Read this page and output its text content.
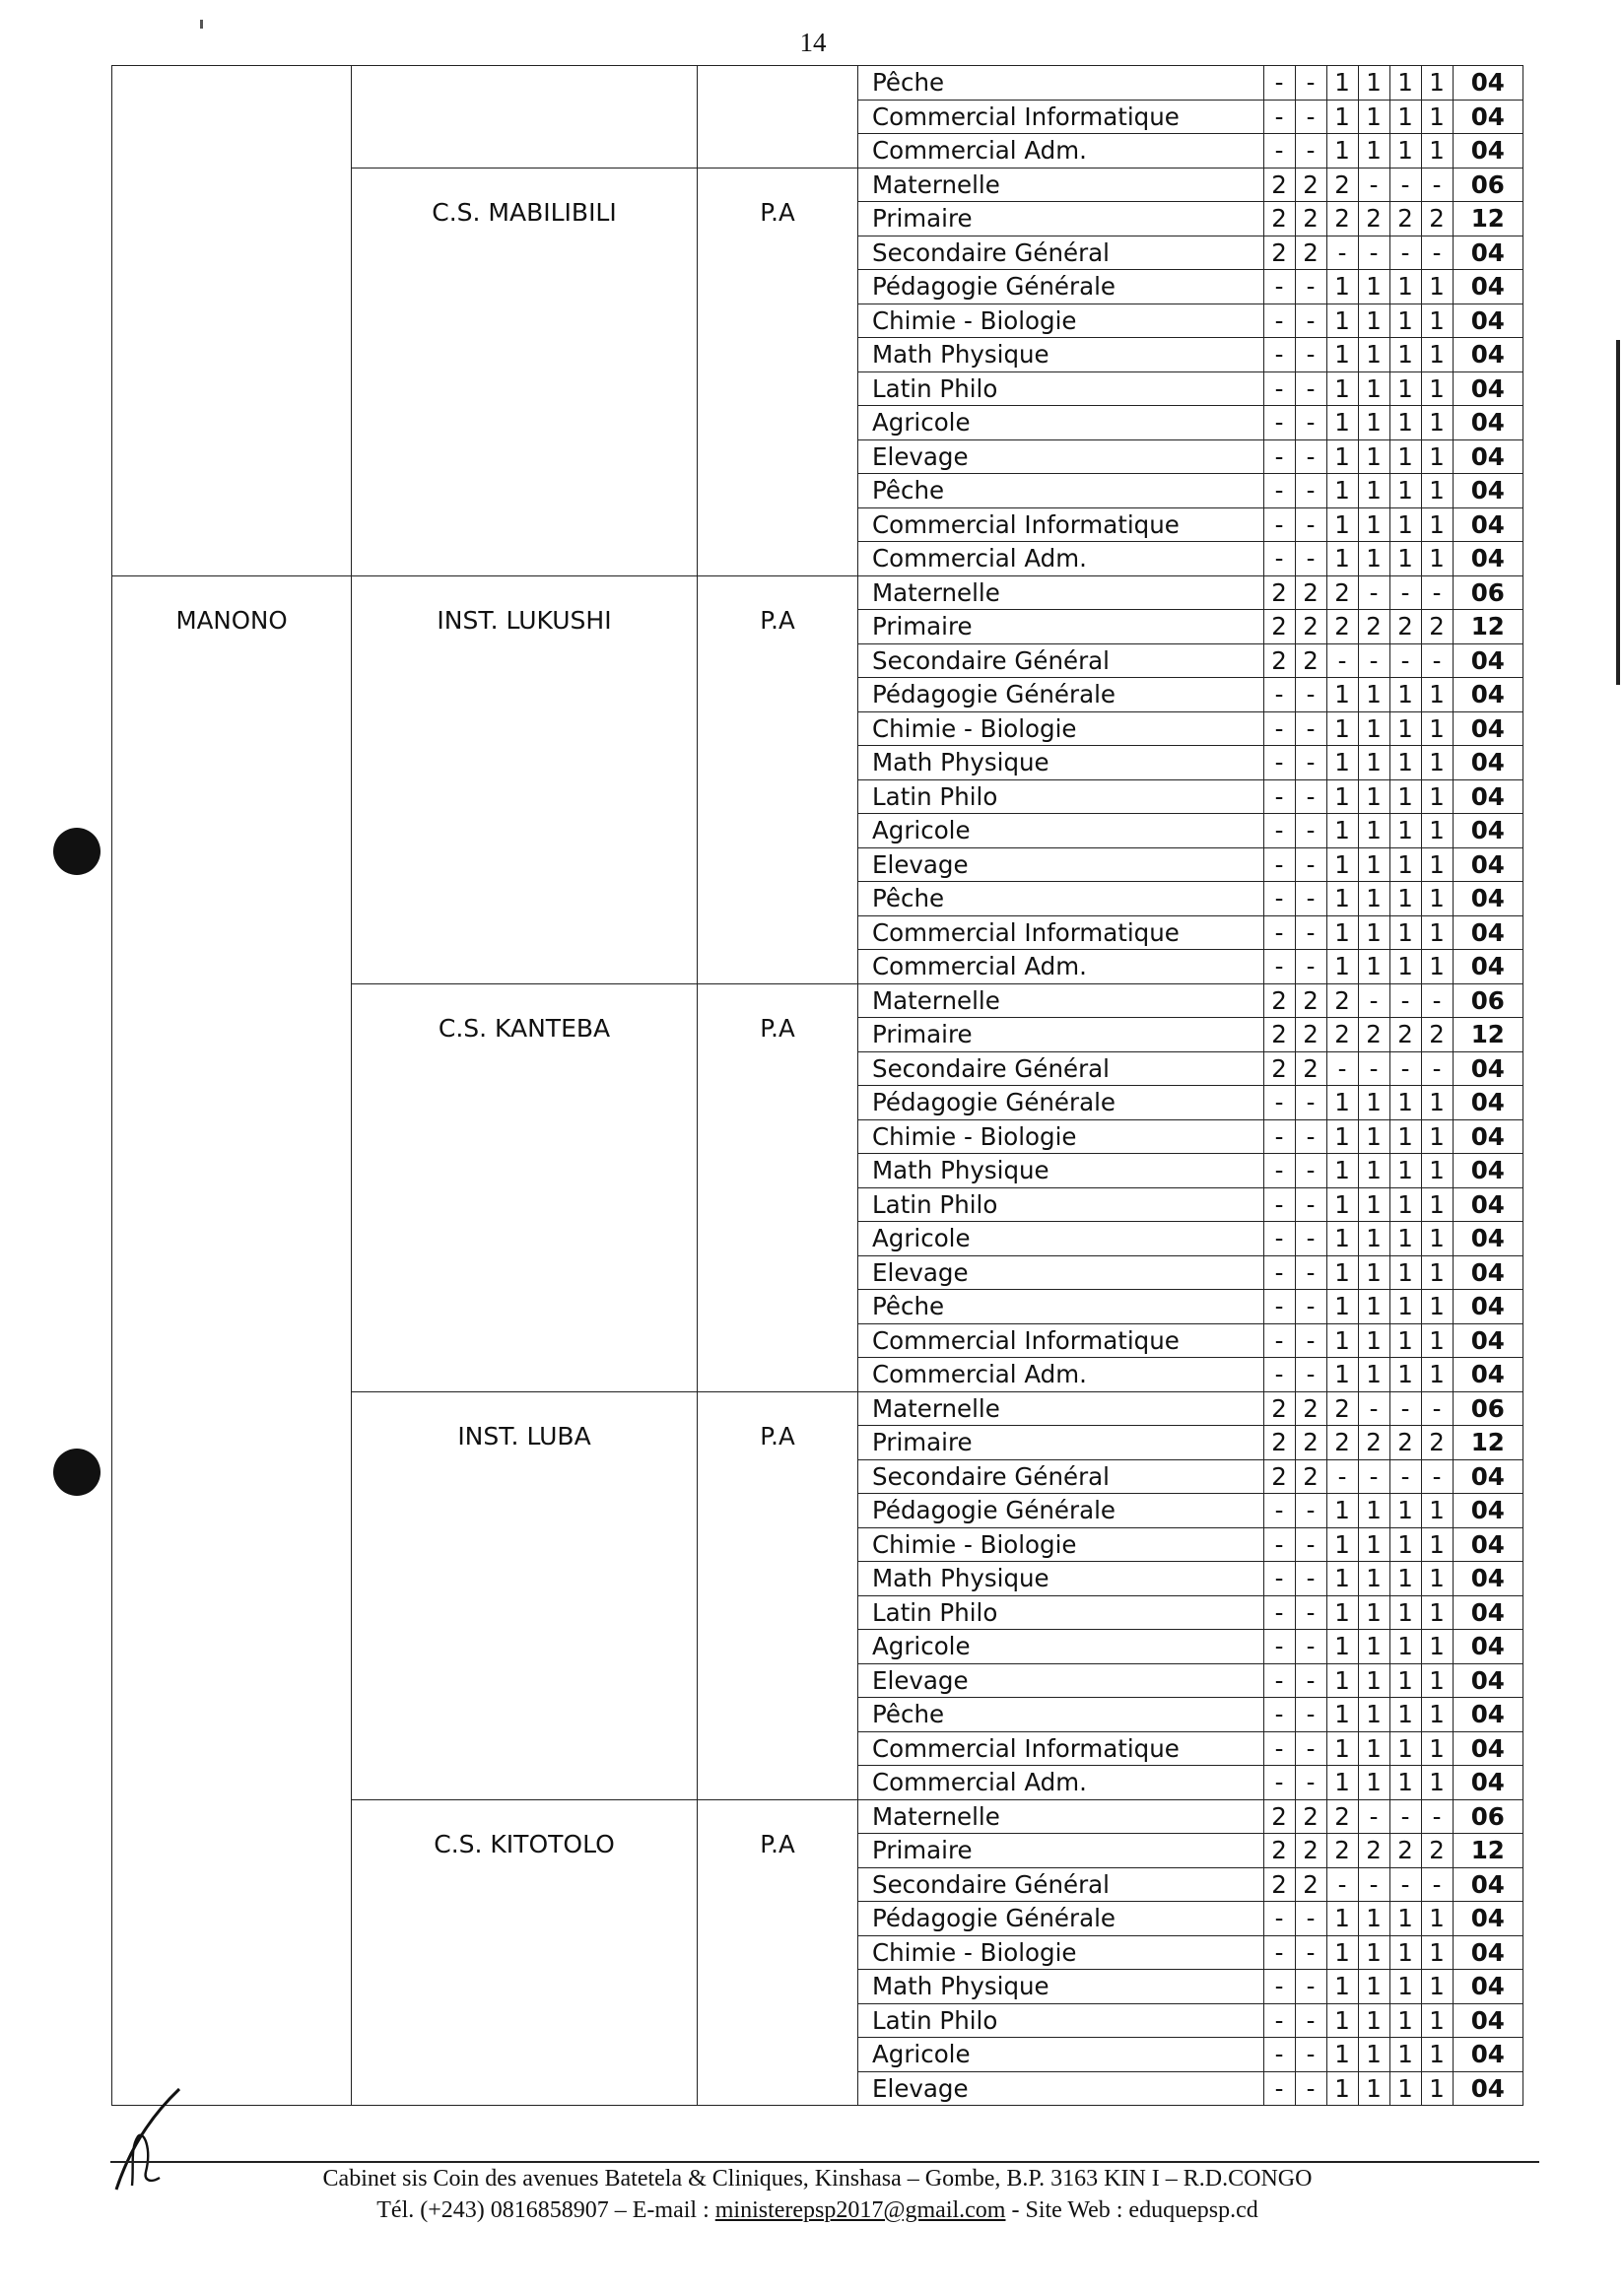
14
			Pêche	-	-	1	1	1	1	04
			Commercial Informatique	-	-	1	1	1	1	04
			Commercial Adm.	-	-	1	1	1	1	04
	C.S. MABILIBILI	P.A	Maternelle	2	2	2	-	-	-	06
			Primaire	2	2	2	2	2	2	12
			Secondaire Général	2	2	-	-	-	-	04
			Pédagogie Générale	-	-	1	1	1	1	04
			Chimie - Biologie	-	-	1	1	1	1	04
			Math Physique	-	-	1	1	1	1	04
			Latin Philo	-	-	1	1	1	1	04
			Agricole	-	-	1	1	1	1	04
			Elevage	-	-	1	1	1	1	04
			Pêche	-	-	1	1	1	1	04
			Commercial Informatique	-	-	1	1	1	1	04
			Commercial Adm.	-	-	1	1	1	1	04
MANONO	INST. LUKUSHI	P.A	Maternelle	2	2	2	-	-	-	06
			Primaire	2	2	2	2	2	2	12
			Secondaire Général	2	2	-	-	-	-	04
			Pédagogie Générale	-	-	1	1	1	1	04
			Chimie - Biologie	-	-	1	1	1	1	04
			Math Physique	-	-	1	1	1	1	04
			Latin Philo	-	-	1	1	1	1	04
			Agricole	-	-	1	1	1	1	04
			Elevage	-	-	1	1	1	1	04
			Pêche	-	-	1	1	1	1	04
			Commercial Informatique	-	-	1	1	1	1	04
			Commercial Adm.	-	-	1	1	1	1	04
	C.S. KANTEBA	P.A	Maternelle	2	2	2	-	-	-	06
			Primaire	2	2	2	2	2	2	12
			Secondaire Général	2	2	-	-	-	-	04
			Pédagogie Générale	-	-	1	1	1	1	04
			Chimie - Biologie	-	-	1	1	1	1	04
			Math Physique	-	-	1	1	1	1	04
			Latin Philo	-	-	1	1	1	1	04
			Agricole	-	-	1	1	1	1	04
			Elevage	-	-	1	1	1	1	04
			Pêche	-	-	1	1	1	1	04
			Commercial Informatique	-	-	1	1	1	1	04
			Commercial Adm.	-	-	1	1	1	1	04
	INST. LUBA	P.A	Maternelle	2	2	2	-	-	-	06
			Primaire	2	2	2	2	2	2	12
			Secondaire Général	2	2	-	-	-	-	04
			Pédagogie Générale	-	-	1	1	1	1	04
			Chimie - Biologie	-	-	1	1	1	1	04
			Math Physique	-	-	1	1	1	1	04
			Latin Philo	-	-	1	1	1	1	04
			Agricole	-	-	1	1	1	1	04
			Elevage	-	-	1	1	1	1	04
			Pêche	-	-	1	1	1	1	04
			Commercial Informatique	-	-	1	1	1	1	04
			Commercial Adm.	-	-	1	1	1	1	04
	C.S. KITOTOLO	P.A	Maternelle	2	2	2	-	-	-	06
			Primaire	2	2	2	2	2	2	12
			Secondaire Général	2	2	-	-	-	-	04
			Pédagogie Générale	-	-	1	1	1	1	04
			Chimie - Biologie	-	-	1	1	1	1	04
			Math Physique	-	-	1	1	1	1	04
			Latin Philo	-	-	1	1	1	1	04
			Agricole	-	-	1	1	1	1	04
			Elevage	-	-	1	1	1	1	04
Cabinet sis Coin des avenues Batetela & Cliniques, Kinshasa – Gombe, B.P. 3163 KIN I – R.D.CONGO
Tél. (+243) 0816858907 – E-mail : ministerepsp2017@gmail.com - Site Web : eduquepsp.cd
